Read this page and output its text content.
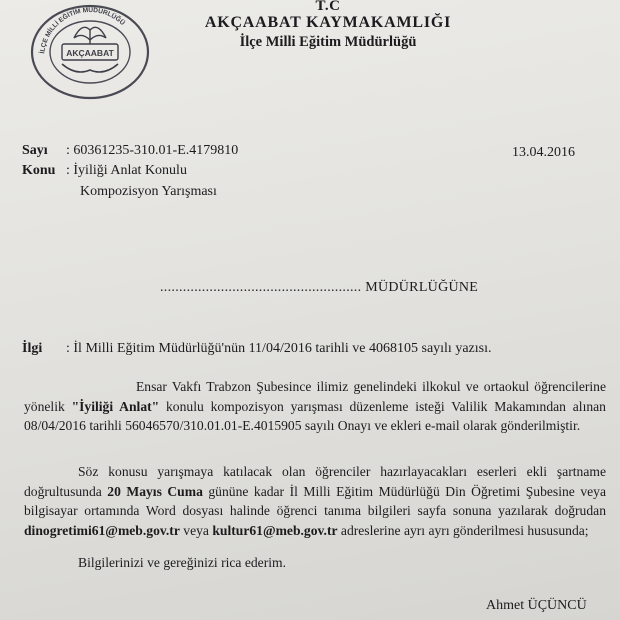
İLÇE MİLLİ EĞİTİM MÜDÜRLÜĞÜ
AKÇAABAT
T.C
AKÇAABAT KAYMAKAMLIĞI
İlçe Milli Eğitim Müdürlüğü
Sayı : 60361235-310.01-E.4179810	13.04.2016
Konu : İyiliği Anlat Konulu
Kompozisyon Yarışması
..................................................... MÜDÜRLÜĞÜNE
İlgi : İl Milli Eğitim Müdürlüğü'nün 11/04/2016 tarihli ve 4068105 sayılı yazısı.
Ensar Vakfı Trabzon Şubesince ilimiz genelindeki ilkokul ve ortaokul öğrencilerine yönelik "İyiliği Anlat" konulu kompozisyon yarışması düzenleme isteği Valilik Makamından alınan 08/04/2016 tarihli 56046570/310.01.01-E.4015905 sayılı Onayı ve ekleri e-mail olarak gönderilmiştir.
Söz konusu yarışmaya katılacak olan öğrenciler hazırlayacakları eserleri ekli şartname doğrultusunda 20 Mayıs Cuma gününe kadar İl Milli Eğitim Müdürlüğü Din Öğretimi Şubesine veya bilgisayar ortamında Word dosyası halinde öğrenci tanıma bilgileri sayfa sonuna yazılarak doğrudan dinogretimi61@meb.gov.tr veya kultur61@meb.gov.tr adreslerine ayrı ayrı gönderilmesi hususunda;
Bilgilerinizi ve gereğinizi rica ederim.
Ahmet ÜÇÜNCÜ
